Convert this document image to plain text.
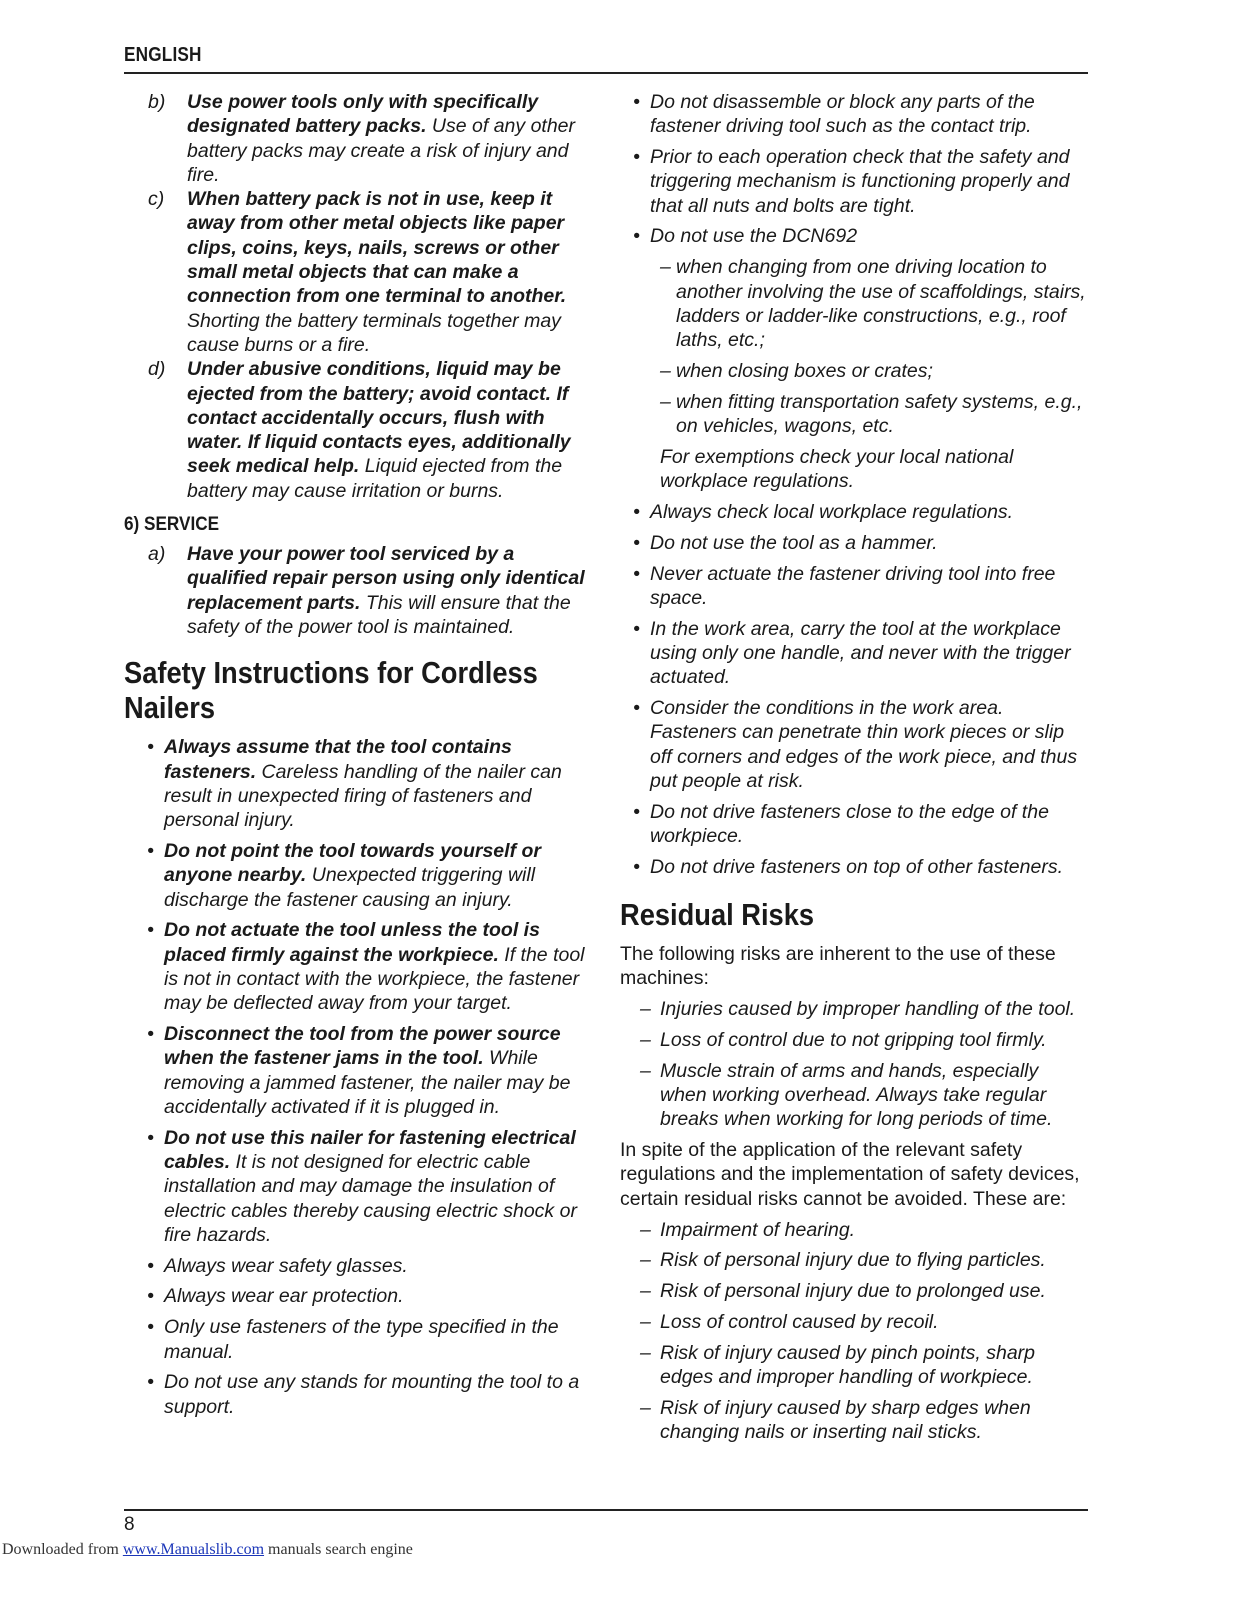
ENGLISH
b)	Use power tools only with specifically designated battery packs. Use of any other battery packs may create a risk of injury and fire.
c)	When battery pack is not in use, keep it away from other metal objects like paper clips, coins, keys, nails, screws or other small metal objects that can make a connection from one terminal to another. Shorting the battery terminals together may cause burns or a fire.
d)	Under abusive conditions, liquid may be ejected from the battery; avoid contact. If contact accidentally occurs, flush with water. If liquid contacts eyes, additionally seek medical help. Liquid ejected from the battery may cause irritation or burns.
6) SERVICE
a)	Have your power tool serviced by a qualified repair person using only identical replacement parts. This will ensure that the safety of the power tool is maintained.
Safety Instructions for Cordless Nailers
• Always assume that the tool contains fasteners. Careless handling of the nailer can result in unexpected firing of fasteners and personal injury.
• Do not point the tool towards yourself or anyone nearby. Unexpected triggering will discharge the fastener causing an injury.
• Do not actuate the tool unless the tool is placed firmly against the workpiece. If the tool is not in contact with the workpiece, the fastener may be deflected away from your target.
• Disconnect the tool from the power source when the fastener jams in the tool. While removing a jammed fastener, the nailer may be accidentally activated if it is plugged in.
• Do not use this nailer for fastening electrical cables. It is not designed for electric cable installation and may damage the insulation of electric cables thereby causing electric shock or fire hazards.
• Always wear safety glasses.
• Always wear ear protection.
• Only use fasteners of the type specified in the manual.
• Do not use any stands for mounting the tool to a support.
• Do not disassemble or block any parts of the fastener driving tool such as the contact trip.
• Prior to each operation check that the safety and triggering mechanism is functioning properly and that all nuts and bolts are tight.
• Do not use the DCN692
– when changing from one driving location to another involving the use of scaffoldings, stairs, ladders or ladder-like constructions, e.g., roof laths, etc.;
– when closing boxes or crates;
– when fitting transportation safety systems, e.g., on vehicles, wagons, etc.
For exemptions check your local national workplace regulations.
• Always check local workplace regulations.
• Do not use the tool as a hammer.
• Never actuate the fastener driving tool into free space.
• In the work area, carry the tool at the workplace using only one handle, and never with the trigger actuated.
• Consider the conditions in the work area. Fasteners can penetrate thin work pieces or slip off corners and edges of the work piece, and thus put people at risk.
• Do not drive fasteners close to the edge of the workpiece.
• Do not drive fasteners on top of other fasteners.
Residual Risks
The following risks are inherent to the use of these machines:
– Injuries caused by improper handling of the tool.
– Loss of control due to not gripping tool firmly.
– Muscle strain of arms and hands, especially when working overhead. Always take regular breaks when working for long periods of time.
In spite of the application of the relevant safety regulations and the implementation of safety devices, certain residual risks cannot be avoided. These are:
– Impairment of hearing.
– Risk of personal injury due to flying particles.
– Risk of personal injury due to prolonged use.
– Loss of control caused by recoil.
– Risk of injury caused by pinch points, sharp edges and improper handling of workpiece.
– Risk of injury caused by sharp edges when changing nails or inserting nail sticks.
8
Downloaded from www.Manualslib.com manuals search engine
